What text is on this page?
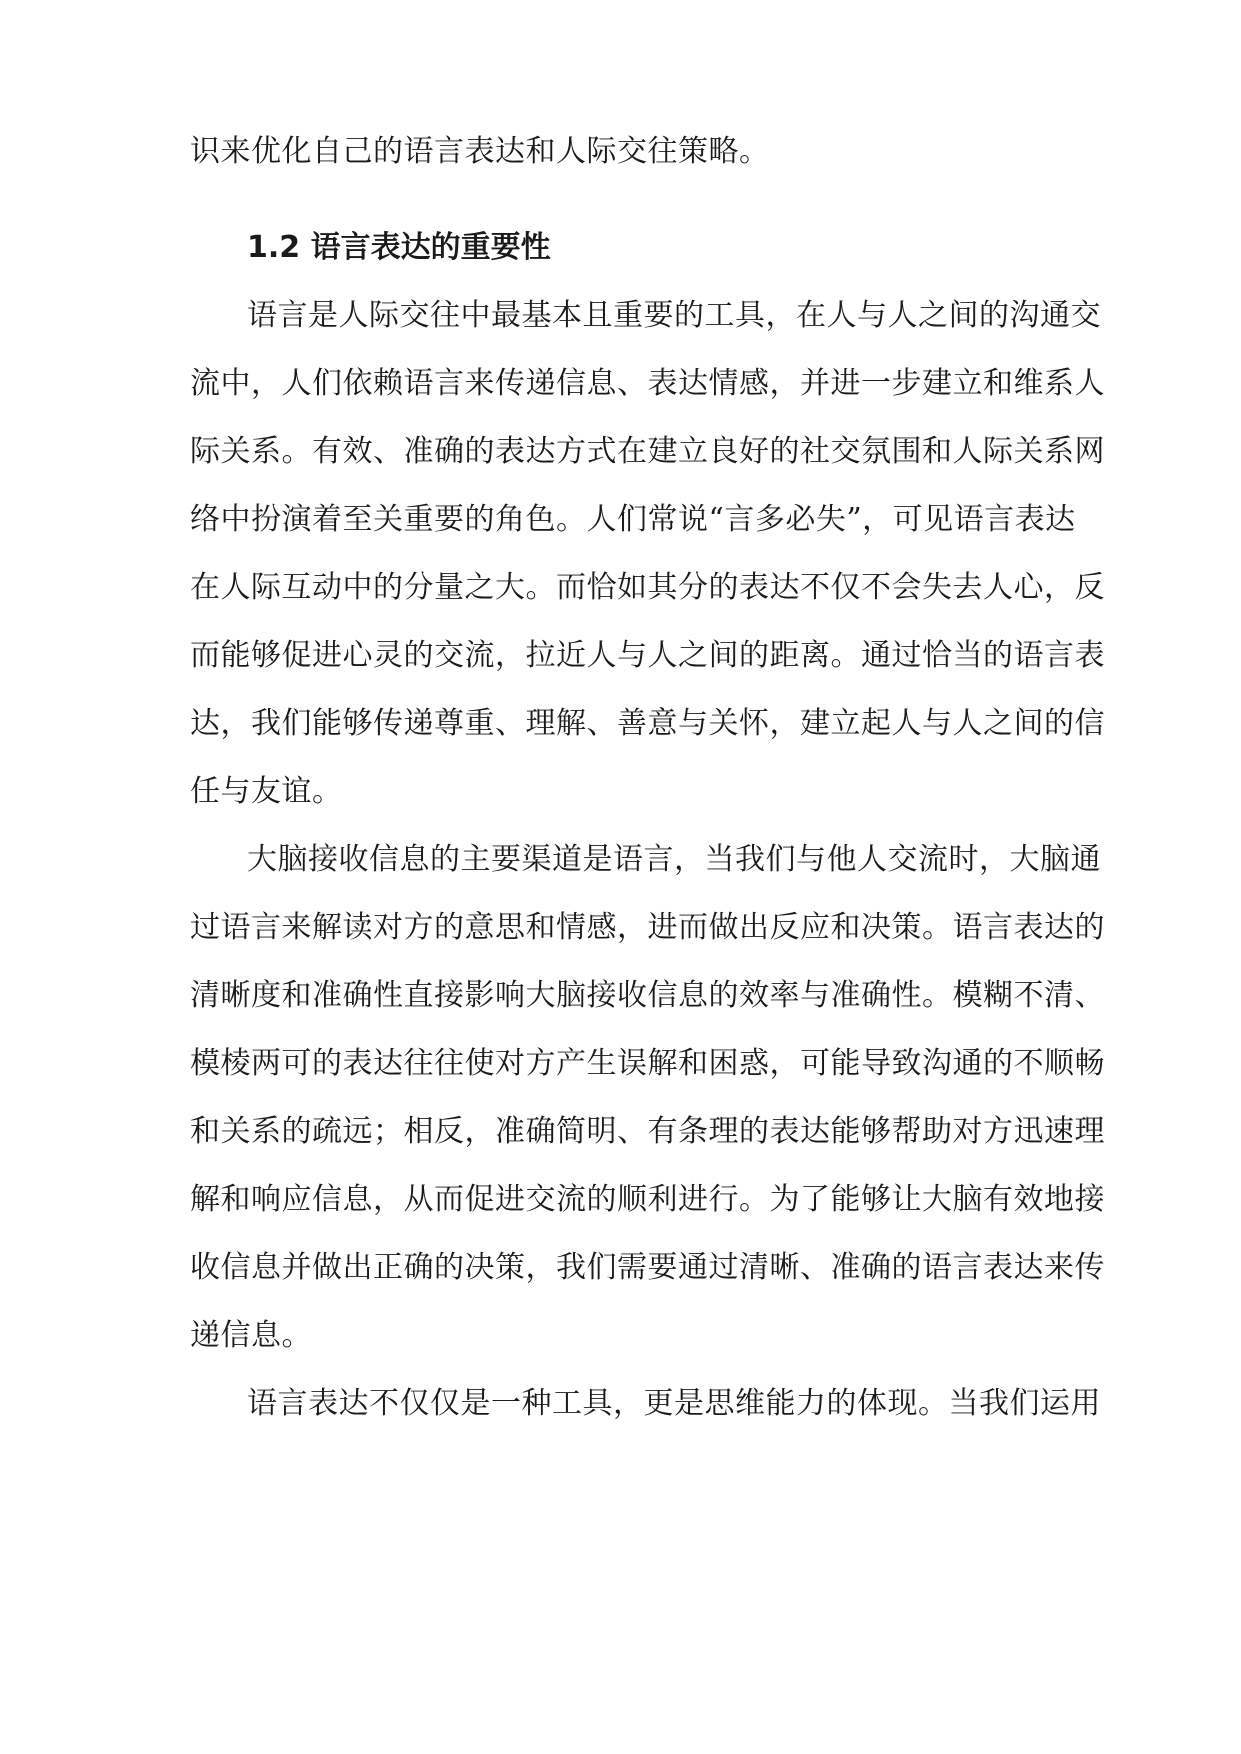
识来优化自己的语言表达和人际交往策略。
1.2 语言表达的重要性
语言是人际交往中最基本且重要的工具，在人与人之间的沟通交
流中，人们依赖语言来传递信息、表达情感，并进一步建立和维系人
际关系。有效、准确的表达方式在建立良好的社交氛围和人际关系网
络中扮演着至关重要的角色。人们常说“言多必失”，可见语言表达
在人际互动中的分量之大。而恰如其分的表达不仅不会失去人心，反
而能够促进心灵的交流，拉近人与人之间的距离。通过恰当的语言表
达，我们能够传递尊重、理解、善意与关怀，建立起人与人之间的信
任与友谊。
大脑接收信息的主要渠道是语言，当我们与他人交流时，大脑通
过语言来解读对方的意思和情感，进而做出反应和决策。语言表达的
清晰度和准确性直接影响大脑接收信息的效率与准确性。模糊不清、
模棱两可的表达往往使对方产生误解和困惑，可能导致沟通的不顺畅
和关系的疏远；相反，准确简明、有条理的表达能够帮助对方迅速理
解和响应信息，从而促进交流的顺利进行。为了能够让大脑有效地接
收信息并做出正确的决策，我们需要通过清晰、准确的语言表达来传
递信息。
语言表达不仅仅是一种工具，更是思维能力的体现。当我们运用
